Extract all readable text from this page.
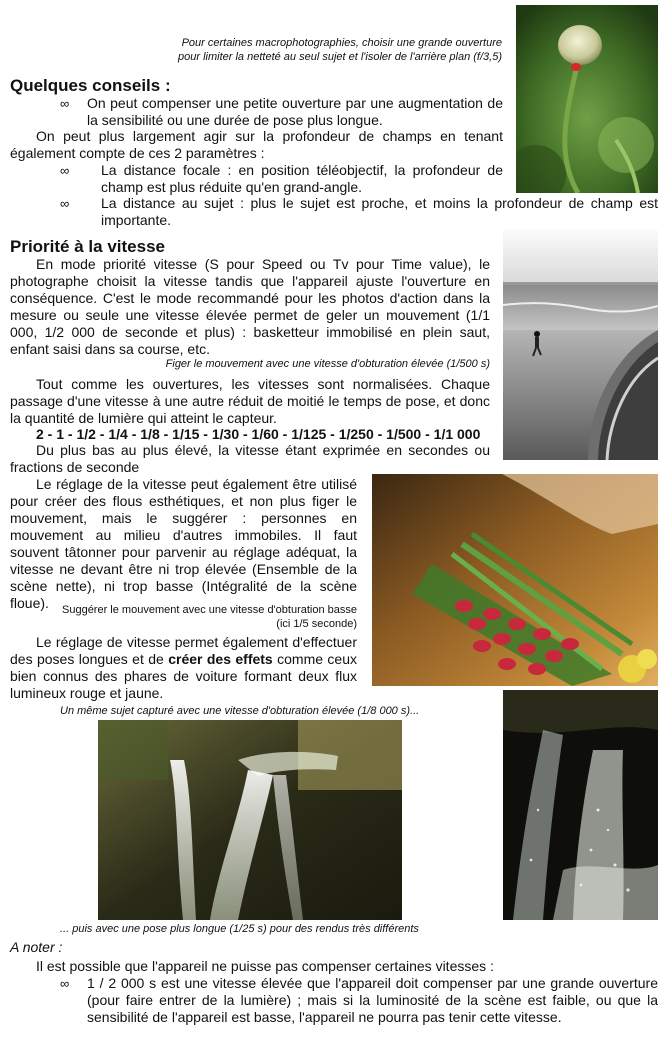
Pour certaines macrophotographies, choisir une grande ouverture
pour limiter la netteté au seul sujet et l'isoler de l'arrière plan (f/3,5)
Quelques conseils :
∞ On peut compenser une petite ouverture par une augmentation de la sensibilité ou une durée de pose plus longue.

On peut plus largement agir sur la profondeur de champs en tenant également compte de ces 2 paramètres :

∞ La distance focale : en position téléobjectif, la profondeur de champ est plus réduite qu'en grand-angle.
∞ La distance au sujet : plus le sujet est proche, et moins la profondeur de champ est importante.
Priorité à la vitesse

En mode priorité vitesse (S pour Speed ou Tv pour Time value), le photographe choisit la vitesse tandis que l'appareil ajuste l'ouverture en conséquence. C'est le mode recommandé pour les photos d'action dans la mesure ou seule une vitesse élevée permet de geler un mouvement (1/1 000, 1/2 000 de seconde et plus) : basketteur immobilisé en plein saut, enfant saisi dans sa course, etc.

Figer le mouvement avec une vitesse d'obturation élevée (1/500 s)

Tout comme les ouvertures, les vitesses sont normalisées. Chaque passage d'une vitesse à une autre réduit de moitié le temps de pose, et donc la quantité de lumière qui atteint le capteur.

2 - 1 - 1/2 - 1/4 - 1/8 - 1/15 - 1/30 - 1/60 - 1/125 - 1/250 - 1/500 - 1/1 000

Du plus bas au plus élevé, la vitesse étant exprimée en secondes ou fractions de seconde

Le réglage de la vitesse peut également être utilisé pour créer des flous esthétiques, et non plus figer le mouvement, mais le suggérer : personnes en mouvement au milieu d'autres immobiles. Il faut souvent tâtonner pour parvenir au réglage adéquat, la vitesse ne devant être ni trop élevée (Ensemble de la scène nette), ni trop basse (Intégralité de la scène floue).	Suggérer le mouvement avec une vitesse d'obturation basse
(ici 1/5 seconde)

Le réglage de vitesse permet également d'effectuer des poses longues et de créer des effets comme ceux bien connus des phares de voiture formant deux flux lumineux rouge et jaune.

Un même sujet capturé avec une vitesse d'obturation élevée (1/8 000 s)...
... puis avec une pose plus longue (1/25 s) pour des rendus très différents
A noter :

Il est possible que l'appareil ne puisse pas compenser certaines vitesses :

∞ 1 / 2 000 s est une vitesse élevée que l'appareil doit compenser par une grande ouverture (pour faire entrer de la lumière) ; mais si la luminosité de la scène est faible, ou que la sensibilité de l'appareil est basse, l'appareil ne pourra pas tenir cette vitesse.
